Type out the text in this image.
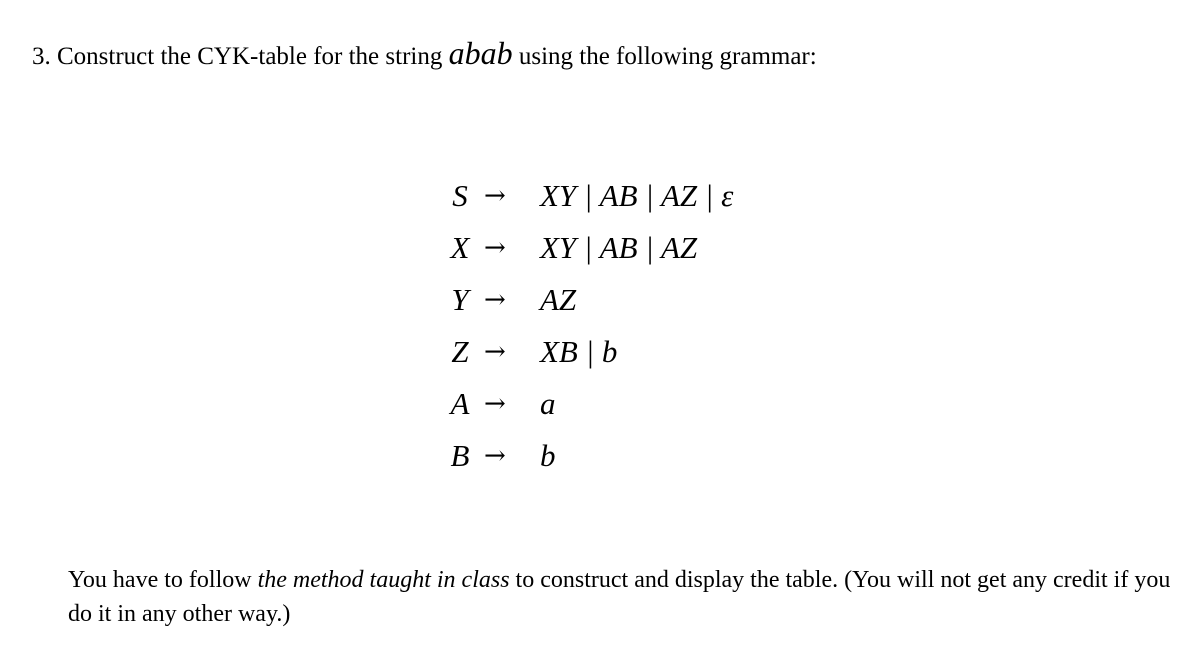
3. Construct the CYK-table for the string abab using the following grammar:
S	→	XY | AB | AZ | ε
X	→	XY | AB | AZ
Y	→	AZ
Z	→	XB | b
A	→	a
B	→	b
You have to follow the method taught in class to construct and display the table. (You will not get any credit if you do it in any other way.)
